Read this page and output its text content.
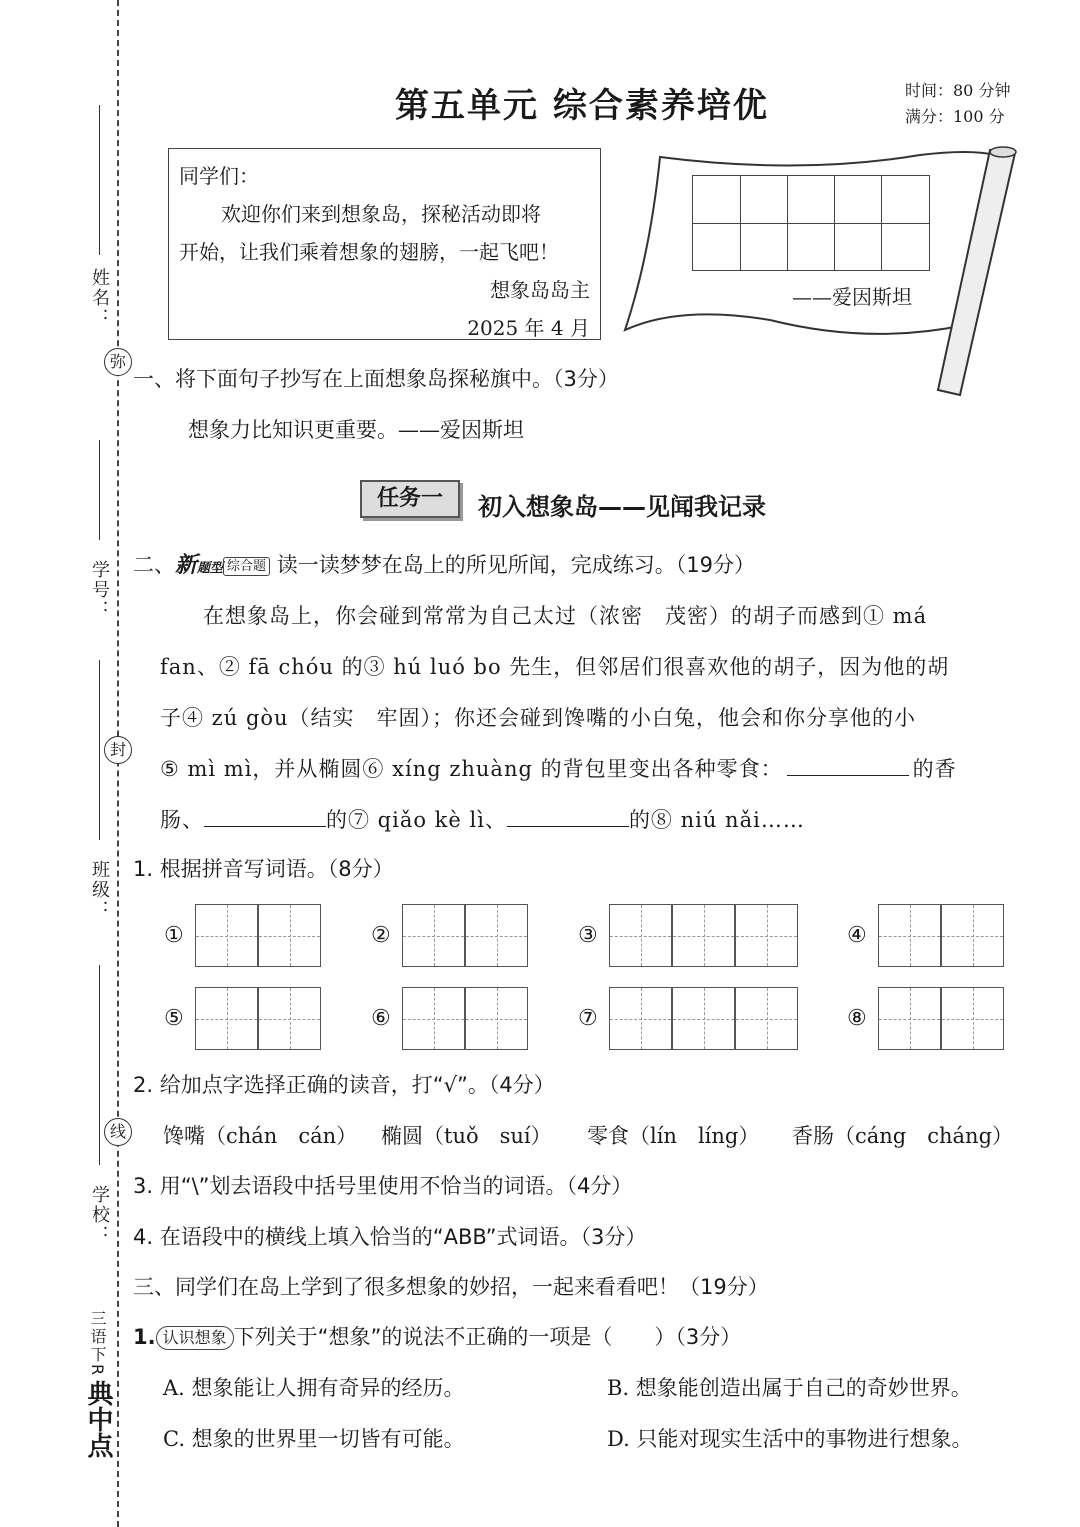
弥
封
线
姓名：
学号：
班级：
学校：
三语下R
典中点
第五单元 综合素养培优	时间：80 分钟
满分：100 分
同学们：
欢迎你们来到想象岛，探秘活动即将
开始，让我们乘着想象的翅膀，一起飞吧！
想象岛岛主
2025 年 4 月
——爱因斯坦
一、将下面句子抄写在上面想象岛探秘旗中。（3分）
想象力比知识更重要。——爱因斯坦
任务一	初入想象岛——见闻我记录
二、新题型 综合题 读一读梦梦在岛上的所见所闻，完成练习。（19分）
在想象岛上，你会碰到常常为自己太过（浓密　茂密）的胡子而感到① má
fan、② fā chóu 的③ hú luó bo 先生，但邻居们很喜欢他的胡子，因为他的胡
子④ zú gòu（结实　牢固）；你还会碰到馋嘴的小白兔，他会和你分享他的小
⑤ mì mì，并从椭圆⑥ xíng zhuàng 的背包里变出各种零食：	的香
肠、	的⑦ qiǎo kè lì、	的⑧ niú nǎi……
1. 根据拼音写词语。（8分）
①	②	③	④
⑤	⑥	⑦	⑧
2. 给加点字选择正确的读音，打“√”。（4分）
馋嘴（chán　cán） 椭圆（tuǒ　suí） 零食（lín　líng） 香肠（cáng　cháng）
3. 用“\”划去语段中括号里使用不恰当的词语。（4分）
4. 在语段中的横线上填入恰当的“ABB”式词语。（3分）
三、同学们在岛上学到了很多想象的妙招，一起来看看吧！（19分）
1. 认识想象 下列关于“想象”的说法不正确的一项是（　　）（3分）
A. 想象能让人拥有奇异的经历。	B. 想象能创造出属于自己的奇妙世界。
C. 想象的世界里一切皆有可能。	D. 只能对现实生活中的事物进行想象。
